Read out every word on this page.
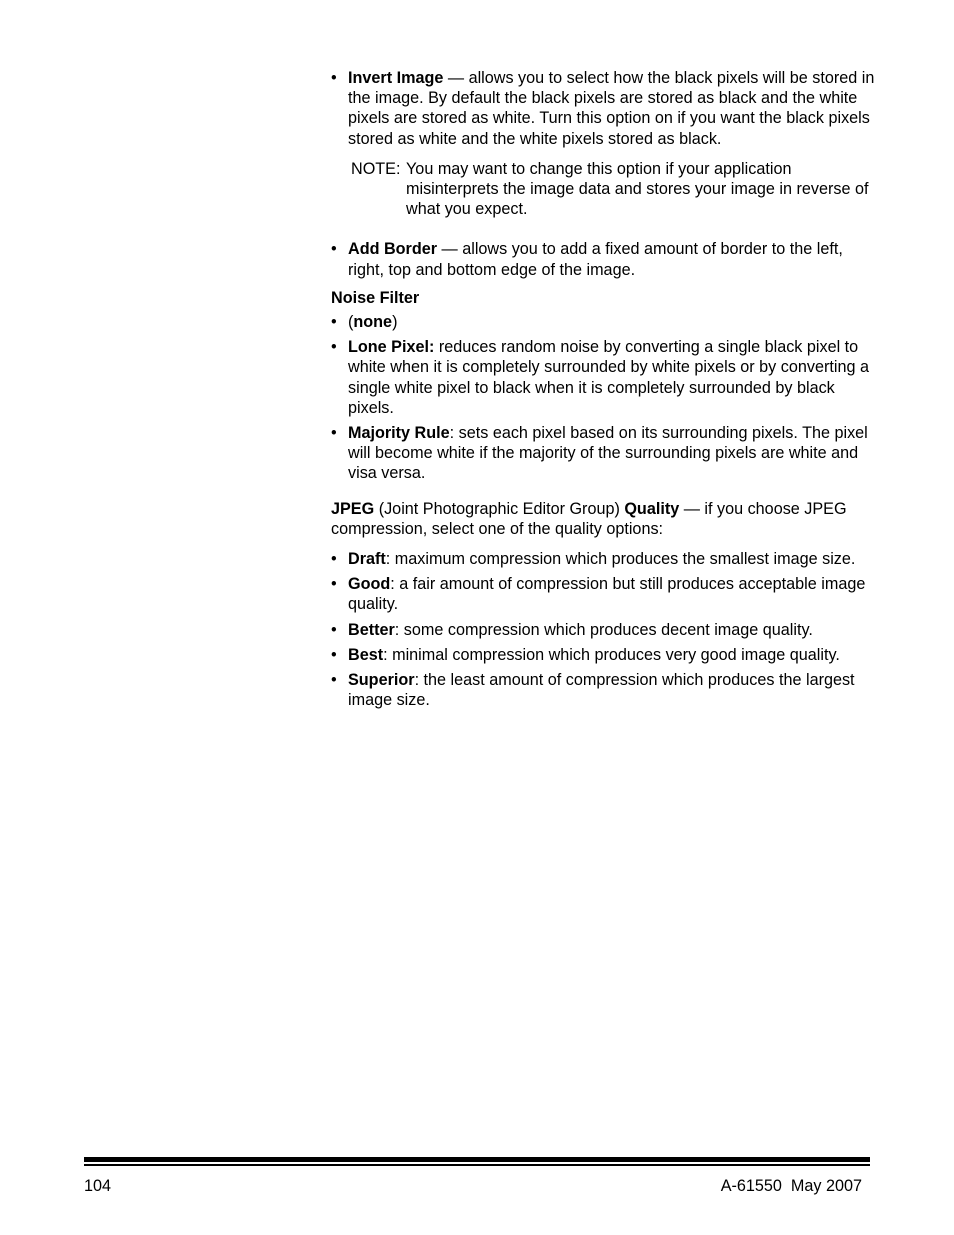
• Invert Image — allows you to select how the black pixels will be stored in the image. By default the black pixels are stored as black and the white pixels are stored as white. Turn this option on if you want the black pixels stored as white and the white pixels stored as black.
NOTE: You may want to change this option if your application misinterprets the image data and stores your image in reverse of what you expect.
• Add Border — allows you to add a fixed amount of border to the left, right, top and bottom edge of the image.

Noise Filter

• (none)
• Lone Pixel: reduces random noise by converting a single black pixel to white when it is completely surrounded by white pixels or by converting a single white pixel to black when it is completely surrounded by black pixels.
• Majority Rule: sets each pixel based on its surrounding pixels. The pixel will become white if the majority of the surrounding pixels are white and visa versa.

JPEG (Joint Photographic Editor Group) Quality — if you choose JPEG compression, select one of the quality options:

• Draft: maximum compression which produces the smallest image size.
• Good: a fair amount of compression but still produces acceptable image quality.
• Better: some compression which produces decent image quality.
• Best: minimal compression which produces very good image quality.
• Superior: the least amount of compression which produces the largest image size.
104	A-61550  May 2007
